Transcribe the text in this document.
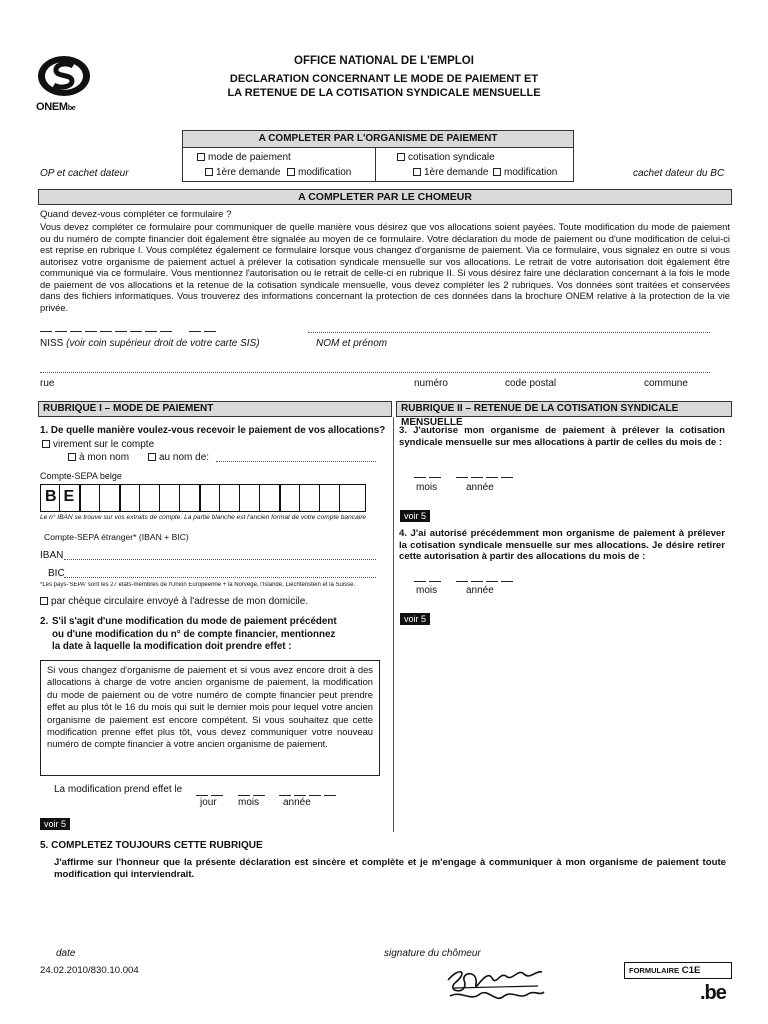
ONEMbe
OFFICE NATIONAL DE L'EMPLOI
DECLARATION CONCERNANT LE MODE DE PAIEMENT ET
LA RETENUE DE LA COTISATION SYNDICALE MENSUELLE
A COMPLETER PAR L'ORGANISME DE PAIEMENT
mode de paiement
1ère demande	modification
cotisation syndicale
1ère demande	modification
OP et cachet dateur	cachet dateur du BC
A COMPLETER PAR LE CHOMEUR
Quand devez-vous compléter ce formulaire ?
Vous devez compléter ce formulaire pour communiquer de quelle manière vous désirez que vos allocations soient payées. Toute modification du mode de paiement ou du numéro de compte financier doit également être signalée au moyen de ce formulaire. Votre déclaration du mode de paiement ou d'une modification de celui-ci est reprise en rubrique I. Vous complétez également ce formulaire lorsque vous changez d'organisme de paiement. Via ce formulaire, vous signalez en outre si vous autorisez votre organisme de paiement actuel à prélever la cotisation syndicale mensuelle sur vos allocations. Le retrait de votre autorisation doit également être communiqué via ce formulaire. Vous mentionnez l'autorisation ou le retrait de celle-ci en rubrique II. Si vous désirez faire une déclaration concernant à la fois le mode de paiement de vos allocations et la retenue de la cotisation syndicale mensuelle, vous devez compléter les 2 rubriques. Vos données sont traitées et conservées dans des fichiers informatiques. Vous trouverez des informations concernant la protection de ces données dans la brochure ONEM relative à la protection de la vie privée.

NISS (voir coin supérieur droit de votre carte SIS)	NOM et prénom
rue	numéro	code postal	commune
RUBRIQUE I – MODE DE PAIEMENT	RUBRIQUE II – RETENUE DE LA COTISATION SYNDICALE MENSUELLE
1. De quelle manière voulez-vous recevoir le paiement de vos allocations?
virement sur le compte
à mon nom	au nom de:
Compte-SEPA belge
BE
Le n° IBAN se trouve sur vos extraits de compte. La partie blanche est l'ancien format de votre compte bancaire
Compte-SEPA étranger* (IBAN + BIC)
IBAN
BIC
*Les pays-'SEPA' sont les 27 états-membres de l'Union Européenne + la Norvège, l'Islande, Liechtenstein et la Suisse.
par chèque circulaire envoyé à l'adresse de mon domicile.
2. S'il s'agit d'une modification du mode de paiement précédent ou d'une modification du n° de compte financier, mentionnez la date à laquelle la modification doit prendre effet :
Si vous changez d'organisme de paiement et si vous avez encore droit à des allocations à charge de votre ancien organisme de paiement, la modification du mode de paiement ou de votre numéro de compte financier peut prendre effet au plus tôt le 16 du mois qui suit le dernier mois pour lequel votre ancien organisme de paiement est encore compétent. Si vous souhaitez que cette modification prenne effet plus tôt, vous devez communiquer votre nouveau numéro de compte financier à votre ancien organisme de paiement.
La modification prend effet le

jour mois année
voir 5
3. J'autorise mon organisme de paiement à prélever la cotisation syndicale mensuelle sur mes allocations à partir de celles du mois de :

mois	année
voir 5
4. J'ai autorisé précédemment mon organisme de paiement à prélever la cotisation syndicale mensuelle sur mes allocations. Je désire retirer cette autorisation à partir des allocations du mois de :

mois	année
voir 5
5. COMPLETEZ TOUJOURS CETTE RUBRIQUE
J'affirme sur l'honneur que la présente déclaration est sincère et complète et je m'engage à communiquer à mon organisme de paiement toute modification qui interviendrait.
date	signature du chômeur
24.02.2010/830.10.004	FORMULAIRE C1E
.be
